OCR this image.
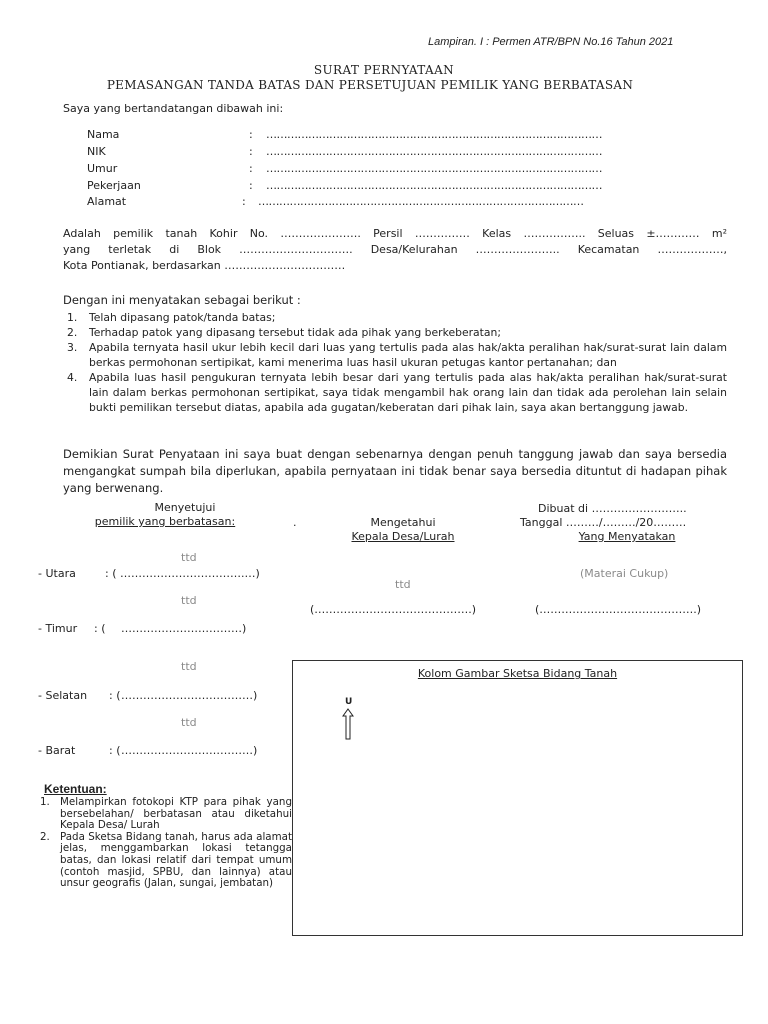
Lampiran. I : Permen ATR/BPN No.16 Tahun 2021
SURAT PERNYATAAN
PEMASANGAN TANDA BATAS DAN PERSETUJUAN PEMILIK YANG BERBATASAN
Saya yang bertandatangan dibawah ini:
Nama	: ……………………………………………………………………………………
NIK	: ……………………………………………………………………………………
Umur	: ……………………………………………………………………………………
Pekerjaan	: ……………………………………………………………………………………
Alamat	: …………………………………………………………………………………
Adalah pemilik tanah Kohir No. …………………. Persil …………… Kelas …………….. Seluas ±………… m²
yang terletak di Blok …………………………. Desa/Kelurahan ………………….. Kecamatan ………………,
Kota Pontianak, berdasarkan ……………………………
Dengan ini menyatakan sebagai berikut :
1. Telah dipasang patok/tanda batas;
2. Terhadap patok yang dipasang tersebut tidak ada pihak yang berkeberatan;
3. Apabila ternyata hasil ukur lebih kecil dari luas yang tertulis pada alas hak/akta peralihan hak/surat-surat lain dalam berkas permohonan sertipikat, kami menerima luas hasil ukuran petugas kantor pertanahan; dan
4. Apabila luas hasil pengukuran ternyata lebih besar dari yang tertulis pada alas hak/akta peralihan hak/surat-surat lain dalam berkas permohonan sertipikat, saya tidak mengambil hak orang lain dan tidak ada perolehan lain selain bukti pemilikan tersebut diatas, apabila ada gugatan/keberatan dari pihak lain, saya akan bertanggung jawab.
Demikian Surat Penyataan ini saya buat dengan sebenarnya dengan penuh tanggung jawab dan saya bersedia mengangkat sumpah bila diperlukan, apabila pernyataan ini tidak benar saya bersedia dituntut di hadapan pihak yang berwenang.
Menyetujui
pemilik yang berbatasan:	.	Mengetahui
Kepala Desa/Lurah
ttd
(…………………………………….)
Dibuat di ……………………..
Tanggal ………/………/20………
Yang Menyatakan
(Materai Cukup)
(…………………………………….)
ttd
- Utara	: ( …………………………….…)
ttd
- Timur : ( ……………………………)
ttd
- Selatan : ( ………………………………)
ttd
- Barat	: ( ………………………………)
Kolom Gambar Sketsa Bidang Tanah
U
Ketentuan:
1. Melampirkan fotokopi KTP para pihak yang bersebelahan/ berbatasan atau diketahui Kepala Desa/ Lurah
2. Pada Sketsa Bidang tanah, harus ada alamat jelas, menggambarkan lokasi tetangga batas, dan lokasi relatif dari tempat umum (contoh masjid, SPBU, dan lainnya) atau unsur geografis (Jalan, sungai, jembatan)
